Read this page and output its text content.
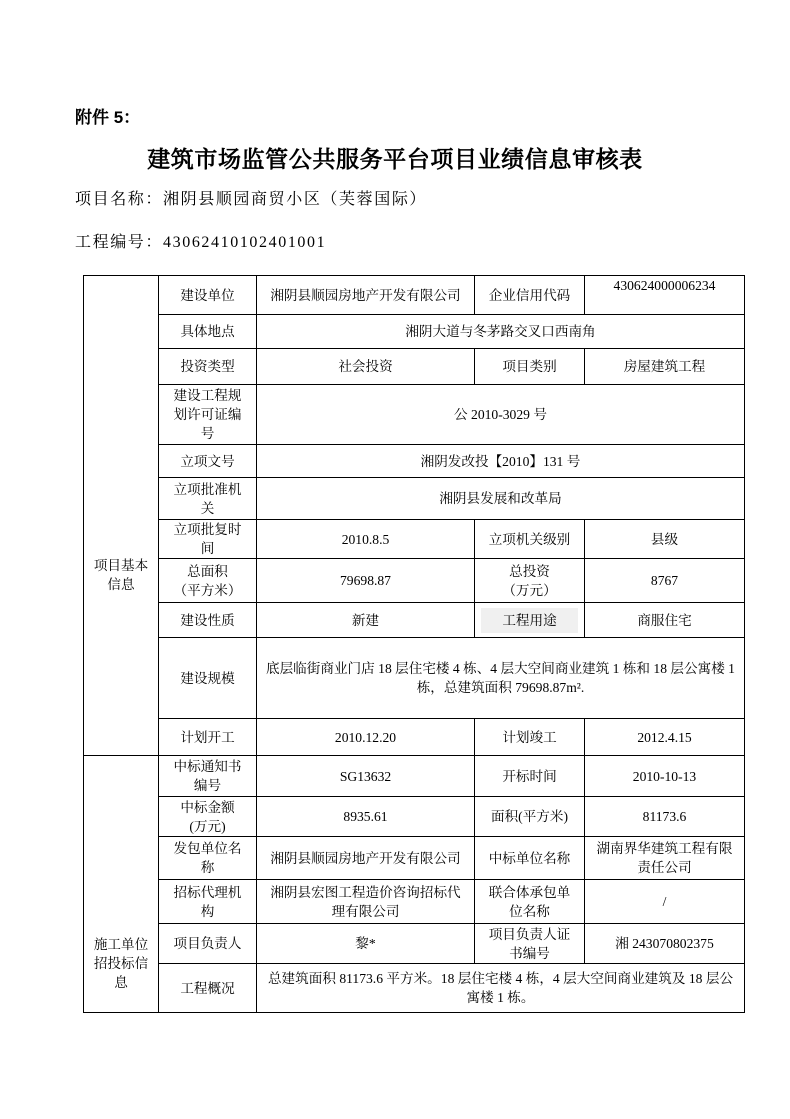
附件 5：
建筑市场监管公共服务平台项目业绩信息审核表
项目名称：湘阴县顺园商贸小区（芙蓉国际）
工程编号：43062410102401001
项目基本
信息	建设单位	湘阴县顺园房地产开发有限公司	企业信用代码	430624000006234
	具体地点	湘阴大道与冬茅路交叉口西南角		
	投资类型	社会投资	项目类别	房屋建筑工程
	建设工程规
划许可证编
号	公 2010-3029 号		
	立项文号	湘阴发改投【2010】131 号		
	立项批准机
关	湘阴县发展和改革局		
	立项批复时
间	2010.8.5	立项机关级别	县级
	总面积
（平方米）	79698.87	总投资
（万元）	8767
	建设性质	新建	工程用途	商服住宅
	建设规模	底层临街商业门店 18 层住宅楼 4 栋、4 层大空间商业建筑 1 栋和 18 层公寓楼 1 栋，总建筑面积 79698.87m².		
	计划开工	2010.12.20	计划竣工	2012.4.15
施工单位
招投标信
息	中标通知书
编号	SG13632	开标时间	2010-10-13
	中标金额
(万元)	8935.61	面积(平方米)	81173.6
	发包单位名
称	湘阴县顺园房地产开发有限公司	中标单位名称	湖南界华建筑工程有限
责任公司
	招标代理机
构	湘阴县宏图工程造价咨询招标代
理有限公司	联合体承包单
位名称	/
	项目负责人	黎*	项目负责人证
书编号	湘 243070802375
	工程概况	总建筑面积 81173.6 平方米。18 层住宅楼 4 栋，4 层大空间商业建筑及 18 层公寓楼 1 栋。		
